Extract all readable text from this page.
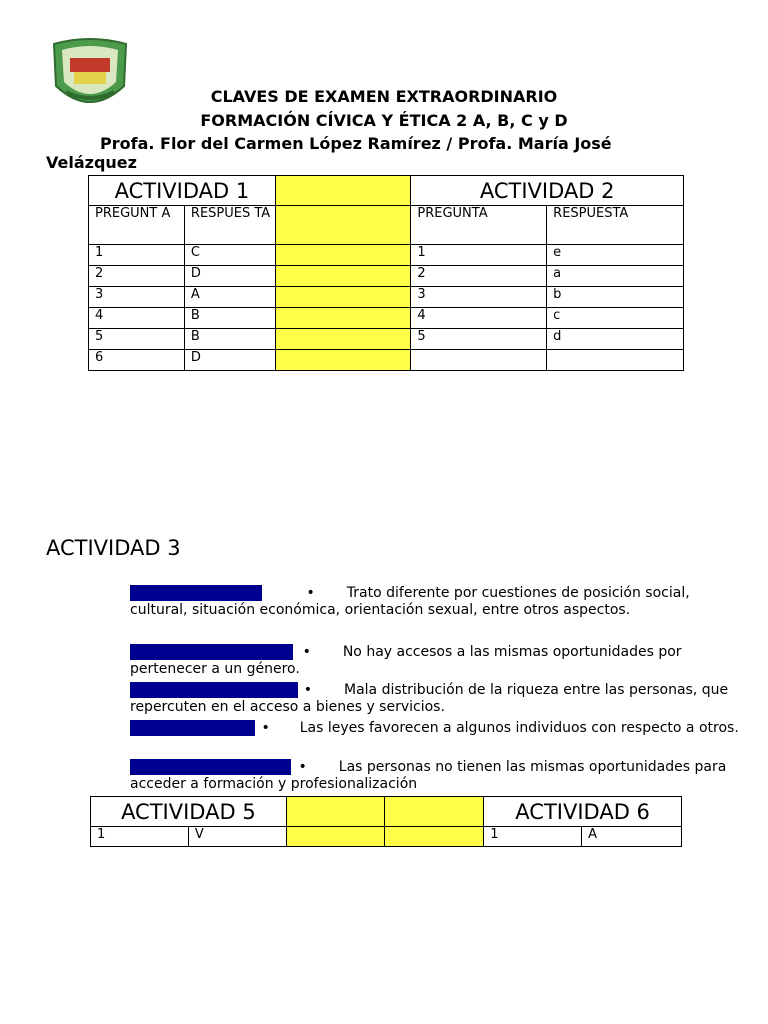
CLAVES DE EXAMEN EXTRAORDINARIO
FORMACIÓN CÍVICA Y ÉTICA 2 A, B, C y D
Profa. Flor del Carmen López Ramírez / Profa. María José Velázquez
ACTIVIDAD 1			ACTIVIDAD 2	
PREGUNT A	RESPUES TA		PREGUNTA	RESPUESTA
1	C		1	e
2	D		2	a
3	A		3	b
4	B		4	c
5	B		5	d
6	D			
ACTIVIDAD 3
Desigualdad social	• Trato diferente por cuestiones de posición social, cultural, situación económica, orientación sexual, entre otros aspectos.
Desigualdad de género • No hay accesos a las mismas oportunidades por pertenecer a un género.
Desigualdad económica • Mala distribución de la riqueza entre las personas, que repercuten en el acceso a bienes y servicios.
Desigualdad legal • Las leyes favorecen a algunos individuos con respecto a otros.
Desigualdad educativa • Las personas no tienen las mismas oportunidades para acceder a formación y profesionalización
ACTIVIDAD 5				ACTIVIDAD 6	
1	V			1	A
